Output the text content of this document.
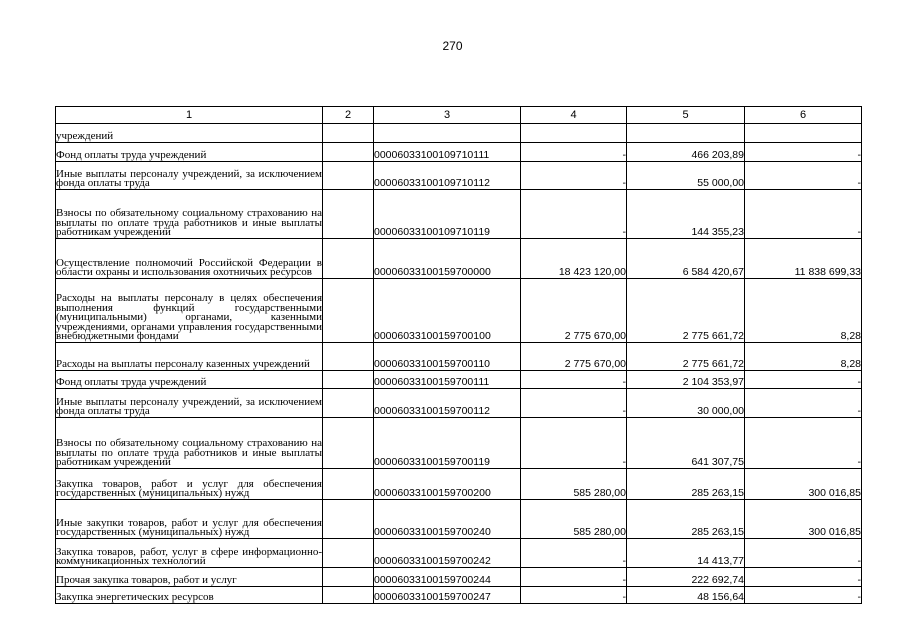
270
1	2	3	4	5	6
учреждений					
Фонд оплаты труда учреждений		00006033100109710111	-	466 203,89	-
Иные выплаты персоналу учреждений, за исключением фонда оплаты труда		00006033100109710112	-	55 000,00	-
Взносы по обязательному социальному страхованию на выплаты по оплате труда работников и иные выплаты работникам учреждений		00006033100109710119	-	144 355,23	-
Осуществление полномочий Российской Федерации в области охраны и использования охотничьих ресурсов		00006033100159700000	18 423 120,00	6 584 420,67	11 838 699,33
Расходы на выплаты персоналу в целях обеспечения выполнения функций государственными (муниципальными) органами, казенными учреждениями, органами управления государственными внебюджетными фондами		00006033100159700100	2 775 670,00	2 775 661,72	8,28
Расходы на выплаты персоналу казенных учреждений		00006033100159700110	2 775 670,00	2 775 661,72	8,28
Фонд оплаты труда учреждений		00006033100159700111	-	2 104 353,97	-
Иные выплаты персоналу учреждений, за исключением фонда оплаты труда		00006033100159700112	-	30 000,00	-
Взносы по обязательному социальному страхованию на выплаты по оплате труда работников и иные выплаты работникам учреждений		00006033100159700119	-	641 307,75	-
Закупка товаров, работ и услуг для обеспечения государственных (муниципальных) нужд		00006033100159700200	585 280,00	285 263,15	300 016,85
Иные закупки товаров, работ и услуг для обеспечения государственных (муниципальных) нужд		00006033100159700240	585 280,00	285 263,15	300 016,85
Закупка товаров, работ, услуг в сфере информационно-коммуникационных технологий		00006033100159700242	-	14 413,77	-
Прочая закупка товаров, работ и услуг		00006033100159700244	-	222 692,74	-
Закупка энергетических ресурсов		00006033100159700247	-	48 156,64	-
